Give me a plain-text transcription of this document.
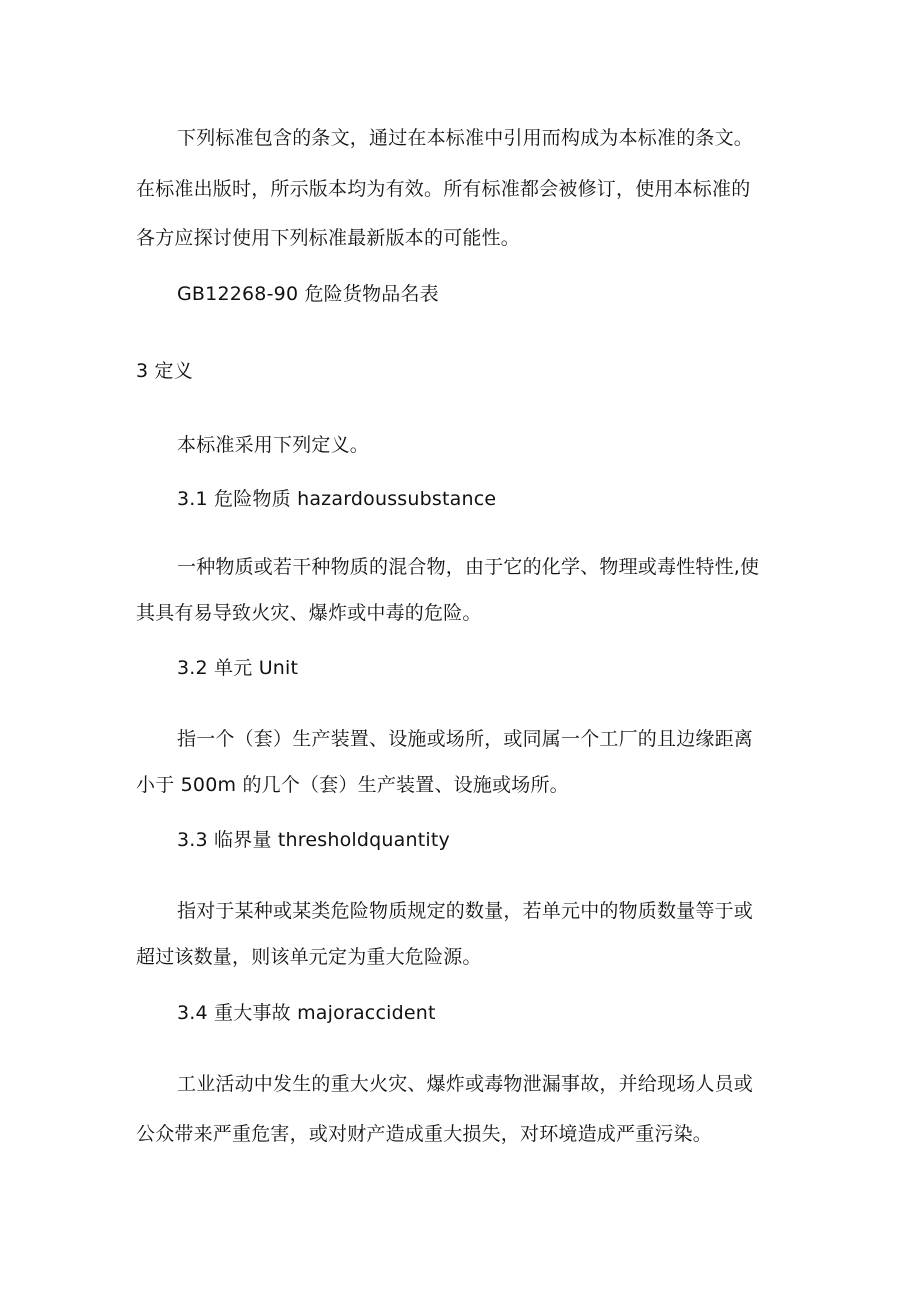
下列标准包含的条文，通过在本标准中引用而构成为本标准的条文。
在标准出版时，所示版本均为有效。所有标准都会被修订，使用本标准的
各方应探讨使用下列标准最新版本的可能性。
GB12268-90 危险货物品名表
3 定义
本标准采用下列定义。
3.1 危险物质 hazardoussubstance
一种物质或若干种物质的混合物，由于它的化学、物理或毒性特性,使
其具有易导致火灾、爆炸或中毒的危险。
3.2 单元 Unit
指一个（套）生产装置、设施或场所，或同属一个工厂的且边缘距离
小于 500m 的几个（套）生产装置、设施或场所。
3.3 临界量 thresholdquantity
指对于某种或某类危险物质规定的数量，若单元中的物质数量等于或
超过该数量，则该单元定为重大危险源。
3.4 重大事故 majoraccident
工业活动中发生的重大火灾、爆炸或毒物泄漏事故，并给现场人员或
公众带来严重危害，或对财产造成重大损失，对环境造成严重污染。
